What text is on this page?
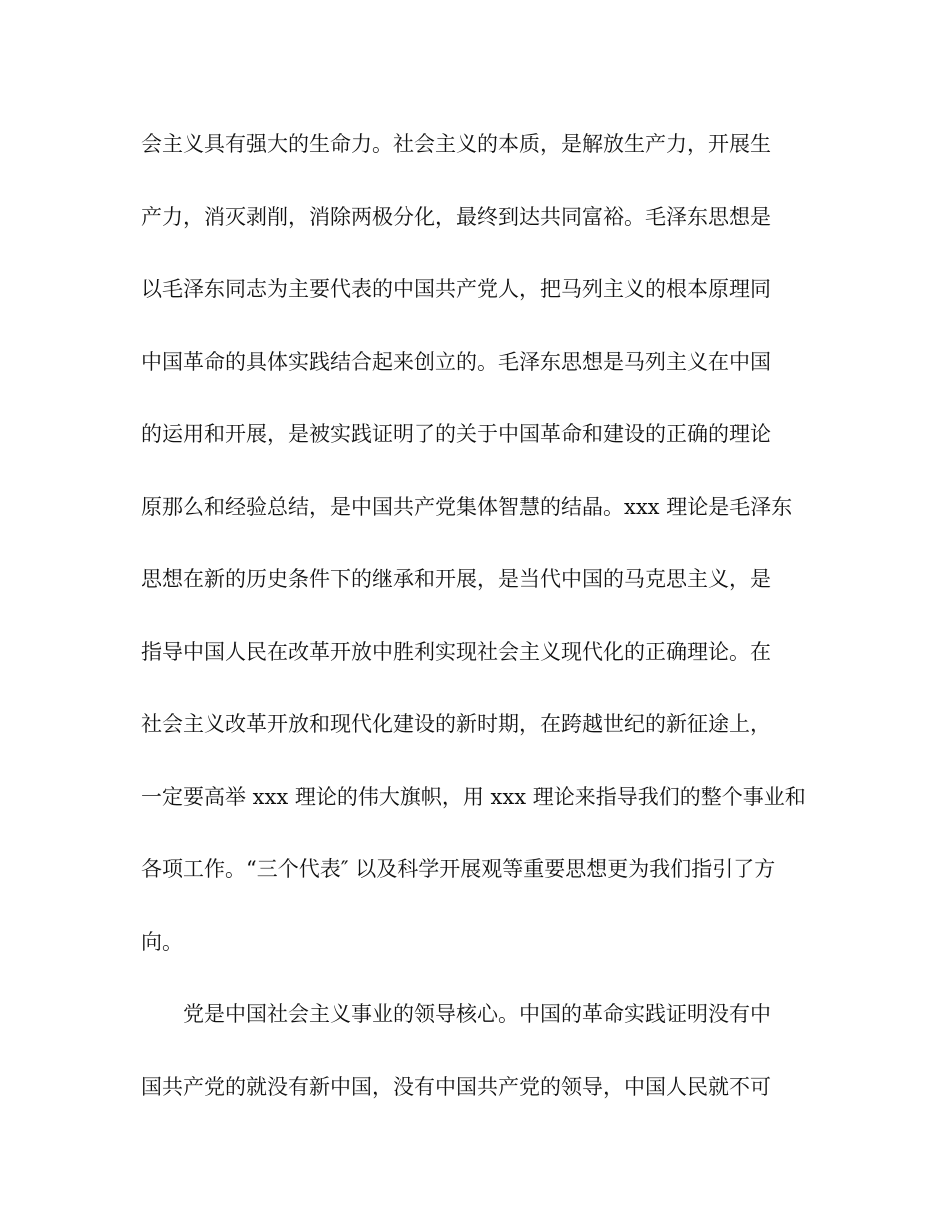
会主义具有强大的生命力。社会主义的本质，是解放生产力，开展生
产力，消灭剥削，消除两极分化，最终到达共同富裕。毛泽东思想是
以毛泽东同志为主要代表的中国共产党人，把马列主义的根本原理同
中国革命的具体实践结合起来创立的。毛泽东思想是马列主义在中国
的运用和开展，是被实践证明了的关于中国革命和建设的正确的理论
原那么和经验总结，是中国共产党集体智慧的结晶。xxx 理论是毛泽东
思想在新的历史条件下的继承和开展，是当代中国的马克思主义，是
指导中国人民在改革开放中胜利实现社会主义现代化的正确理论。在
社会主义改革开放和现代化建设的新时期，在跨越世纪的新征途上，
一定要高举 xxx 理论的伟大旗帜，用 xxx 理论来指导我们的整个事业和
各项工作。“三个代表″ 以及科学开展观等重要思想更为我们指引了方
向。
党是中国社会主义事业的领导核心。中国的革命实践证明没有中
国共产党的就没有新中国，没有中国共产党的领导，中国人民就不可
